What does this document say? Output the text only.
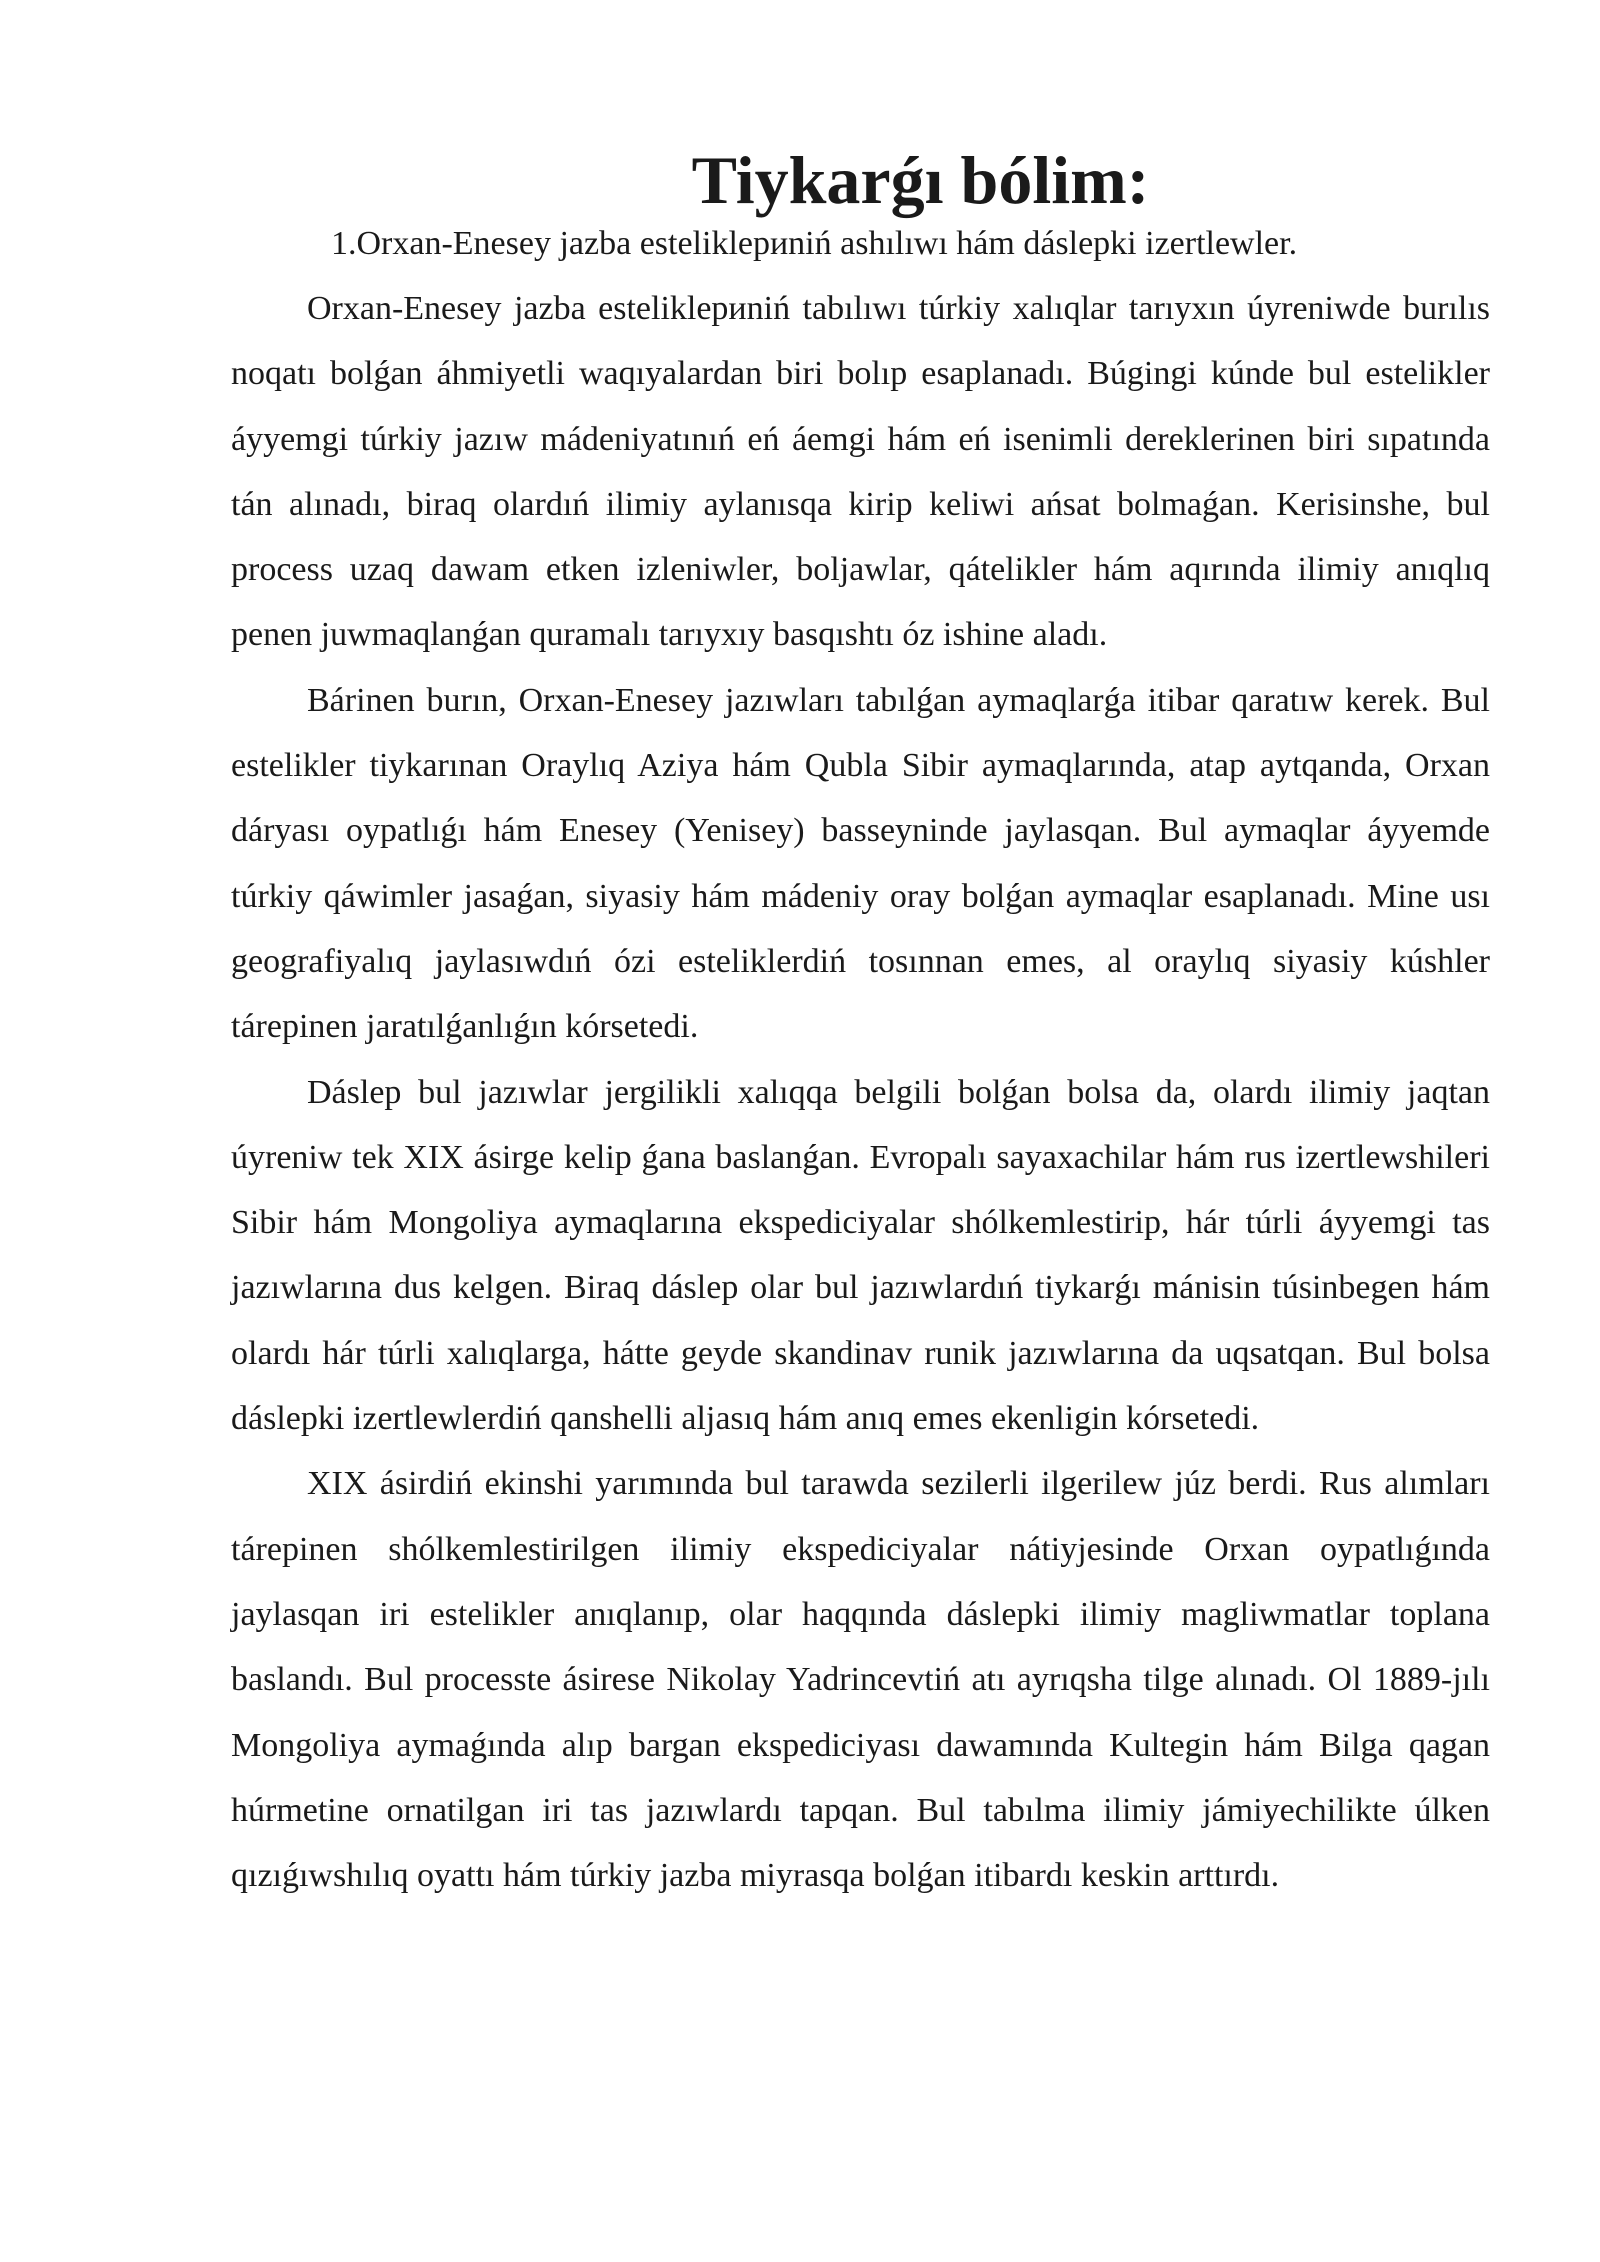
Tiykarǵı bólim:
1.Orxan-Enesey jazba esteliklериniń ashılıwı hám dáslepki izertlewler.

Orxan-Enesey jazba esteliklериniń tabılıwı túrkiy xalıqlar tarıyxın úyreniwde burılıs noqatı bolǵan áhmiyetli waqıyalardan biri bolıp esaplanadı. Búgingi kúnde bul estelikler áyyemgi túrkiy jazıw mádeniyatınıń eń áemgi hám eń isenimli dereklerinen biri sıpatında tán alınadı, biraq olardıń ilimiy aylanısqa kirip keliwi ańsat bolmaǵan. Kerisinshe, bul process uzaq dawam etken izleniwler, boljawlar, qátelikler hám aqırında ilimiy anıqlıq penen juwmaqlanǵan quramalı tarıyxıy basqıshtı óz ishine aladı.

Bárinen burın, Orxan-Enesey jazıwları tabılǵan aymaqlarǵa itibar qaratıw kerek. Bul estelikler tiykarınan Oraylıq Aziya hám Qubla Sibir aymaqlarında, atap aytqanda, Orxan dáryası oypatlıǵı hám Enesey (Yenisey) basseyninde jaylasqan. Bul aymaqlar áyyemde túrkiy qáwimler jasaǵan, siyasiy hám mádeniy oray bolǵan aymaqlar esaplanadı. Mine usı geografiyalıq jaylasıwdıń ózi esteliklerdiń tosınnan emes, al oraylıq siyasiy kúshler tárepinen jaratılǵanlıǵın kórsetedi.

Dáslep bul jazıwlar jergilikli xalıqqa belgili bolǵan bolsa da, olardı ilimiy jaqtan úyreniw tek XIX ásirge kelip ǵana baslanǵan. Evropalı sayaxachilar hám rus izertlewshileri Sibir hám Mongoliya aymaqlarına ekspediciyalar shólkemlestirip, hár túrli áyyemgi tas jazıwlarına dus kelgen. Biraq dáslep olar bul jazıwlardıń tiykarǵı mánisin túsinbegen hám olardı hár túrli xalıqlarga, hátte geyde skandinav runik jazıwlarına da uqsatqan. Bul bolsa dáslepki izertlewlerdiń qanshelli aljasıq hám anıq emes ekenligin kórsetedi.

XIX ásirdiń ekinshi yarımında bul tarawda sezilerli ilgerilew júz berdi. Rus alımları tárepinen shólkemlestirilgen ilimiy ekspediciyalar nátiyjesinde Orxan oypatlıǵında jaylasqan iri estelikler anıqlanıp, olar haqqında dáslepki ilimiy magliwmatlar toplana baslandı. Bul processte ásirese Nikolay Yadrincevtiń atı ayrıqsha tilge alınadı. Ol 1889-jılı Mongoliya aymaǵında alıp bargan ekspediciyası dawamında Kultegin hám Bilga qagan húrmetine ornatilgan iri tas jazıwlardı tapqan. Bul tabılma ilimiy jámiyechilikte úlken qızıǵıwshılıq oyattı hám túrkiy jazba miyrasqa bolǵan itibardı keskin arttırdı.
